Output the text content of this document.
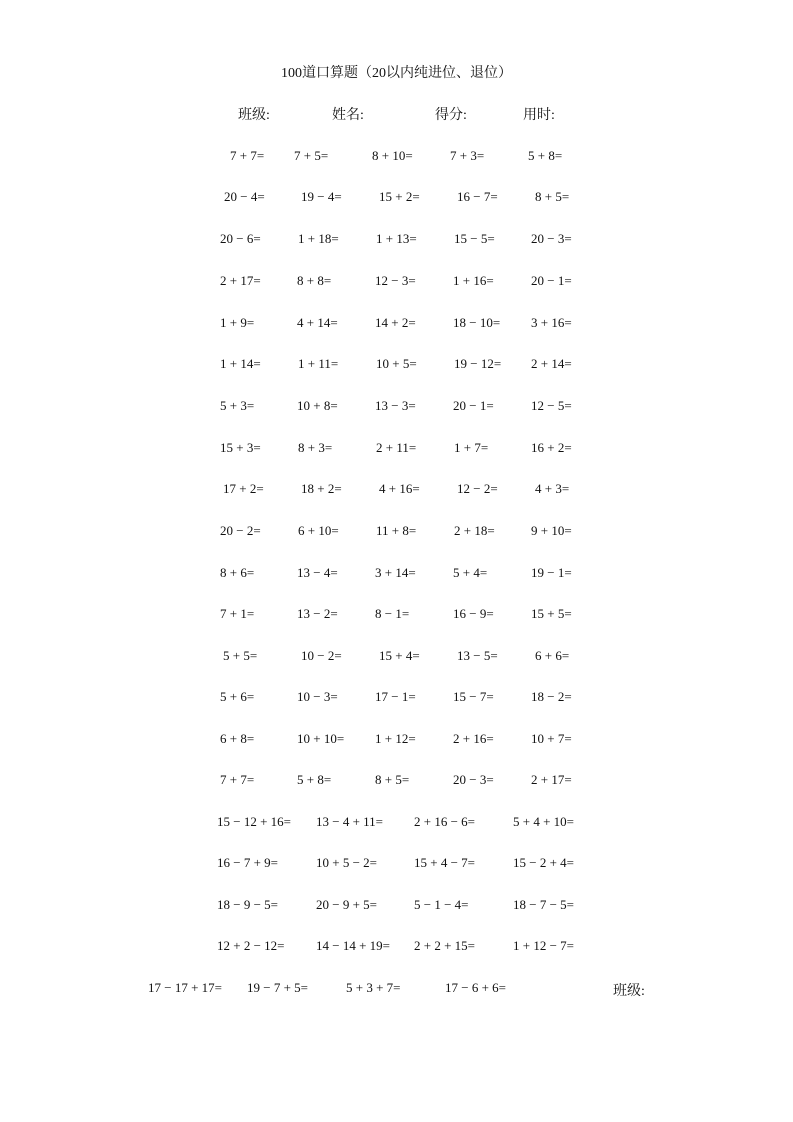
100道口算题（20以内纯进位、退位）
班级:	姓名:	得分:	用时:
7 + 7= 7 + 5=	8 + 10=	7 + 3=	5 + 8=
20 − 4=	19 − 4=	15 + 2=	16 − 7=	8 + 5=
20 − 6=	1 + 18=	1 + 13=	15 − 5=	20 − 3=
2 + 17=	8 + 8=	12 − 3=	1 + 16=	20 − 1=
1 + 9=	4 + 14=	14 + 2=	18 − 10= 3 + 16=
1 + 14=	1 + 11=	10 + 5=	19 − 12= 2 + 14=
5 + 3=	10 + 8=	13 − 3=	20 − 1=	12 − 5=
15 + 3=	8 + 3=	2 + 11=	1 + 7=	16 + 2=
17 + 2=	18 + 2=	4 + 16=	12 − 2=	4 + 3=
20 − 2=	6 + 10=	11 + 8=	2 + 18=	9 + 10=
8 + 6=	13 − 4=	3 + 14=	5 + 4=	19 − 1=
7 + 1=	13 − 2=	8 − 1=	16 − 9=	15 + 5=
5 + 5=	10 − 2=	15 + 4=	13 − 5=	6 + 6=
5 + 6=	10 − 3=	17 − 1=	15 − 7=	18 − 2=
6 + 8=	10 + 10= 1 + 12=	2 + 16=	10 + 7=
7 + 7=	5 + 8=	8 + 5=	20 − 3=	2 + 17=
15 − 12 + 16= 13 − 4 + 11= 2 + 16 − 6=	5 + 4 + 10=
16 − 7 + 9=	10 + 5 − 2=	15 + 4 − 7=	15 − 2 + 4=
18 − 9 − 5=	20 − 9 + 5=	5 − 1 − 4=	18 − 7 − 5=
12 + 2 − 12= 14 − 14 + 19= 2 + 2 + 15=	1 + 12 − 7=
17 − 17 + 17= 19 − 7 + 5=	5 + 3 + 7=	17 − 6 + 6=	班级:
